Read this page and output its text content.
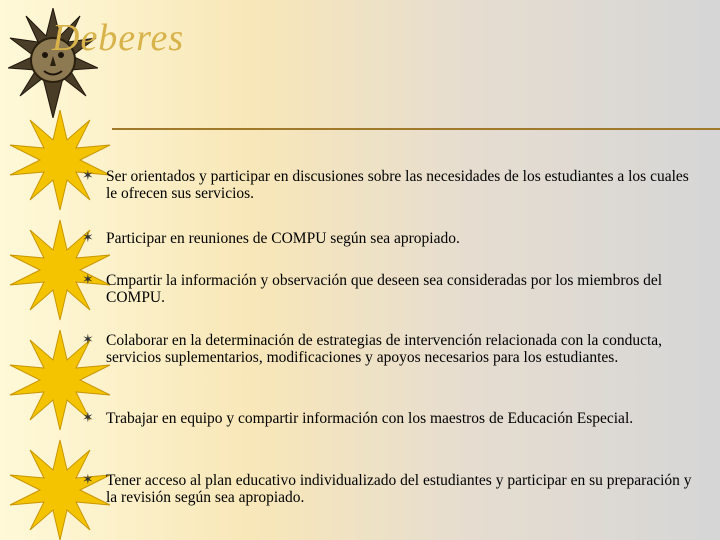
Deberes
✶ Ser orientados y participar en discusiones sobre las necesidades de los estudiantes a los cuales le ofrecen sus servicios.
✶ Participar en reuniones de COMPU según sea apropiado.
✶ Cmpartir la información y observación que deseen sea consideradas por los miembros del COMPU.
✶ Colaborar en la determinación de estrategias de intervención relacionada con la conducta, servicios suplementarios, modificaciones y apoyos necesarios para los estudiantes.
✶ Trabajar en equipo y compartir información con los maestros de Educación Especial.
✶ Tener acceso al plan educativo individualizado del estudiantes y participar en su preparación y la revisión según sea apropiado.
